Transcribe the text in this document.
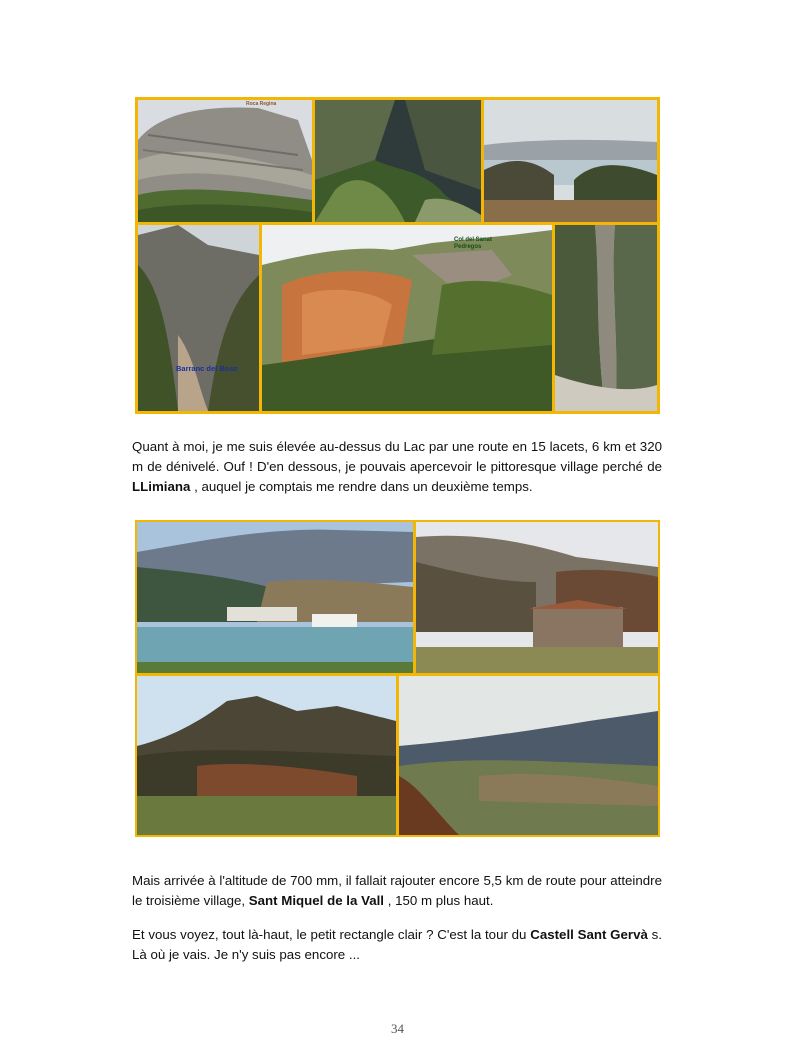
Roca Regina
Barranc del Bosc
Col del Sanat
Pedregos

Quant à moi, je me suis élevée au-dessus du Lac par une route en 15 lacets, 6 km et 320 m de dénivelé. Ouf ! D'en dessous, je pouvais apercevoir le pittoresque village perché de LLimiana , auquel je comptais me rendre dans un deuxième temps.

Mais arrivée à l'altitude de 700 mm, il fallait rajouter encore 5,5 km de route pour atteindre le troisième village, Sant Miquel de la Vall , 150 m plus haut.

Et vous voyez, tout là-haut, le petit rectangle clair ? C'est la tour du Castell Sant Gervà s. Là où je vais. Je n'y suis pas encore ...

34
